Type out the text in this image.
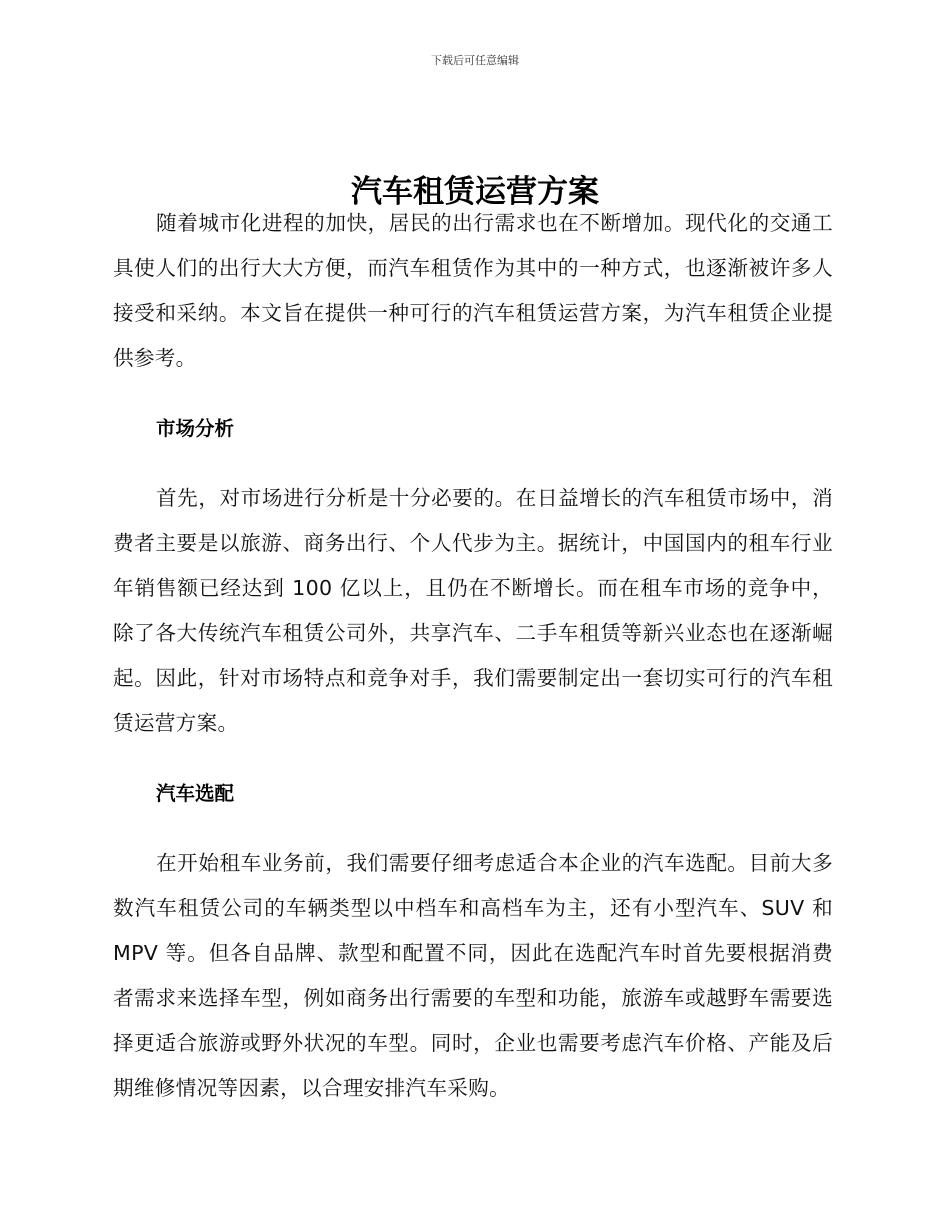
下载后可任意编辑
汽车租赁运营方案

随着城市化进程的加快，居民的出行需求也在不断增加。现代化的交通工具使人们的出行大大方便，而汽车租赁作为其中的一种方式，也逐渐被许多人接受和采纳。本文旨在提供一种可行的汽车租赁运营方案，为汽车租赁企业提供参考。

市场分析

首先，对市场进行分析是十分必要的。在日益增长的汽车租赁市场中，消费者主要是以旅游、商务出行、个人代步为主。据统计，中国国内的租车行业年销售额已经达到 100 亿以上，且仍在不断增长。而在租车市场的竞争中，除了各大传统汽车租赁公司外，共享汽车、二手车租赁等新兴业态也在逐渐崛起。因此，针对市场特点和竞争对手，我们需要制定出一套切实可行的汽车租赁运营方案。

汽车选配

在开始租车业务前，我们需要仔细考虑适合本企业的汽车选配。目前大多数汽车租赁公司的车辆类型以中档车和高档车为主，还有小型汽车、SUV 和 MPV 等。但各自品牌、款型和配置不同，因此在选配汽车时首先要根据消费者需求来选择车型，例如商务出行需要的车型和功能，旅游车或越野车需要选择更适合旅游或野外状况的车型。同时，企业也需要考虑汽车价格、产能及后期维修情况等因素，以合理安排汽车采购。
